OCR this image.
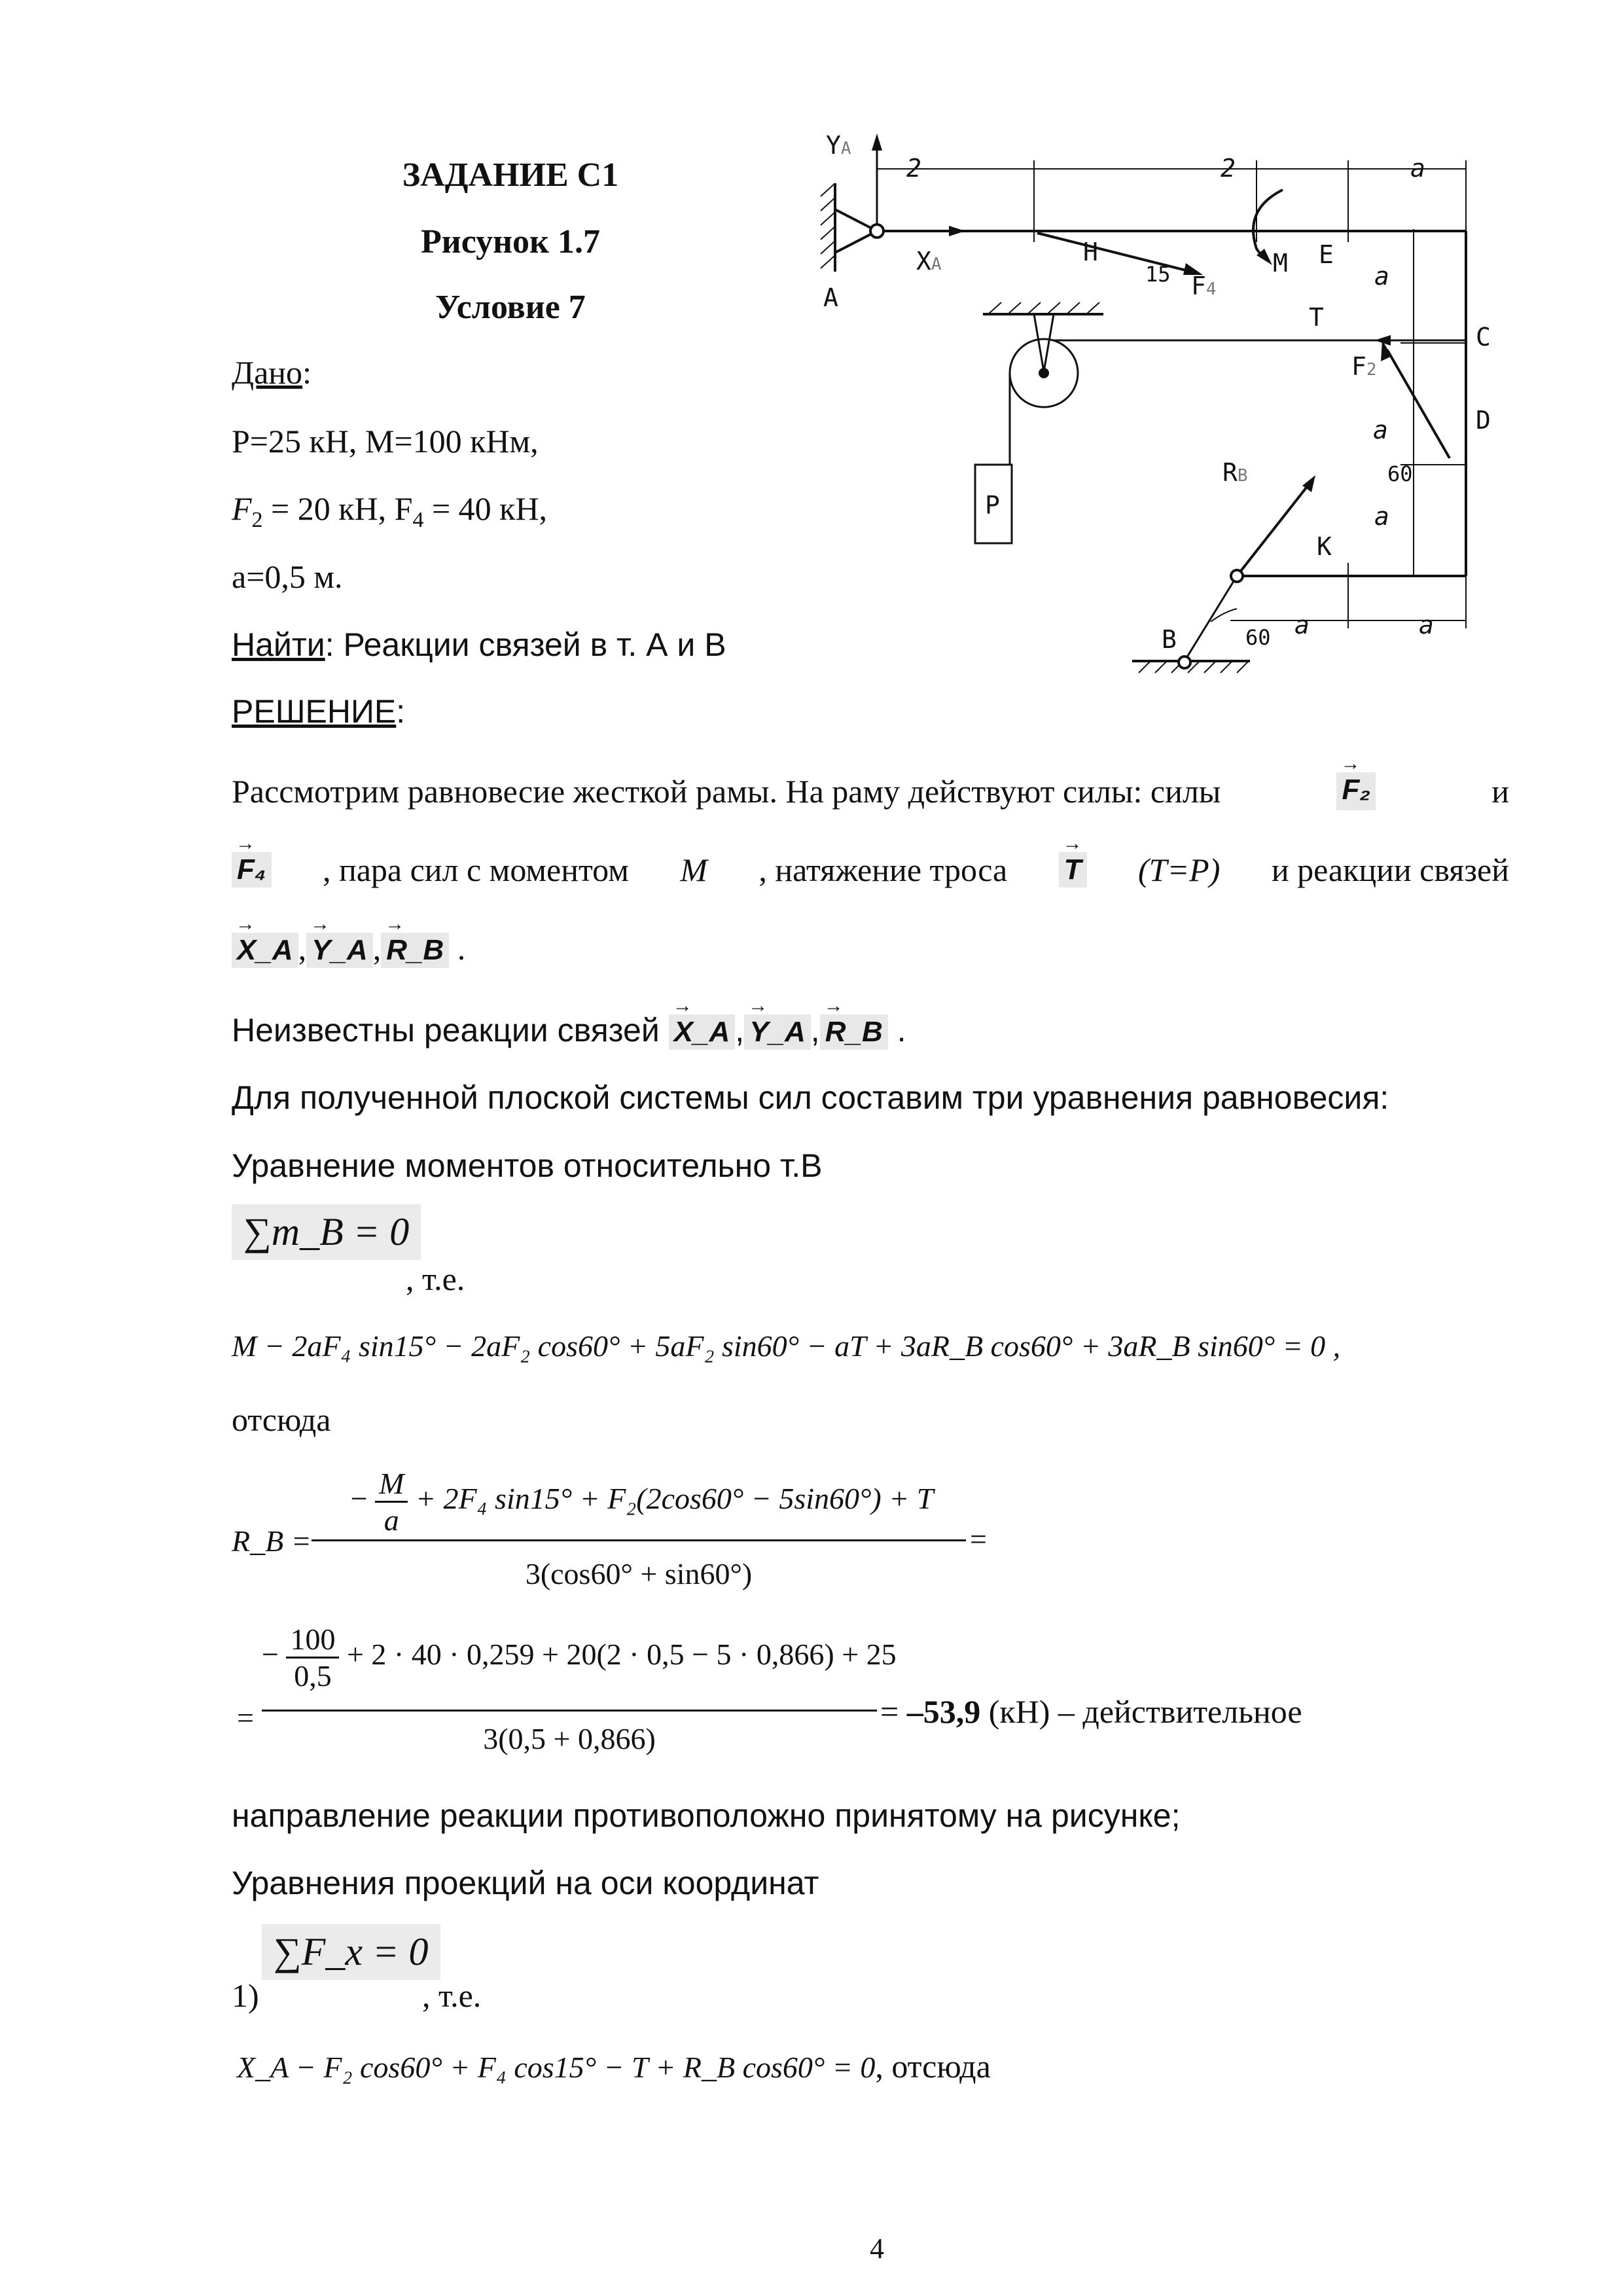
ЗАДАНИЕ С1
Рисунок 1.7
Условие 7
Дано:
P=25 кН, M=100 кНм,
$F_2 = 20$ кН, $F_4 = 40$ кН,
a=0,5 м.
Найти: Реакции связей в т. А и В
РЕШЕНИЕ:
YA
XA
A
2	2	a
H
15 F4
M E
a
T
C
F2
a	D
60
RB
P	a
K
B	60 a	a
Рассмотрим равновесие жесткой рамы. На раму действуют силы: силы	→ F₂	и
→ F₄ , пара сил с моментом M , натяжение троса → T (T=P) и реакции связей
→ X_A , → Y_A , → R_B .
Неизвестны реакции связей → X_A , → Y_A , → R_B .
Для полученной плоской системы сил составим три уравнения равновесия:
Уравнение моментов относительно т.В
∑m_B = 0
, т.е.
M − 2aF₄ sin15° − 2aF₂ cos60° + 5aF₂ sin60° − aT + 3aR_B cos60° + 3aR_B sin60° = 0 ,
отсюда
R_B =
− $\frac{M}{a} + 2F_4$ sin15° + F₂(2cos60° − 5sin60°) + T
3(cos60° + sin60°)
=
=
− $\frac{100}{0,5} + 2 \cdot 40 \cdot 0,259 + 20(2 \cdot 0,5 - 5 \cdot 0,866) + 25$
3(0,5 + 0,866)
= –53,9 (кН) – действительное
направление реакции противоположно принятому на рисунке;
Уравнения проекций на оси координат
1)
∑F_x = 0
, т.е.
X_A − F₂ cos60° + F₄ cos15° − T + R_B cos60° = 0, отсюда
4
